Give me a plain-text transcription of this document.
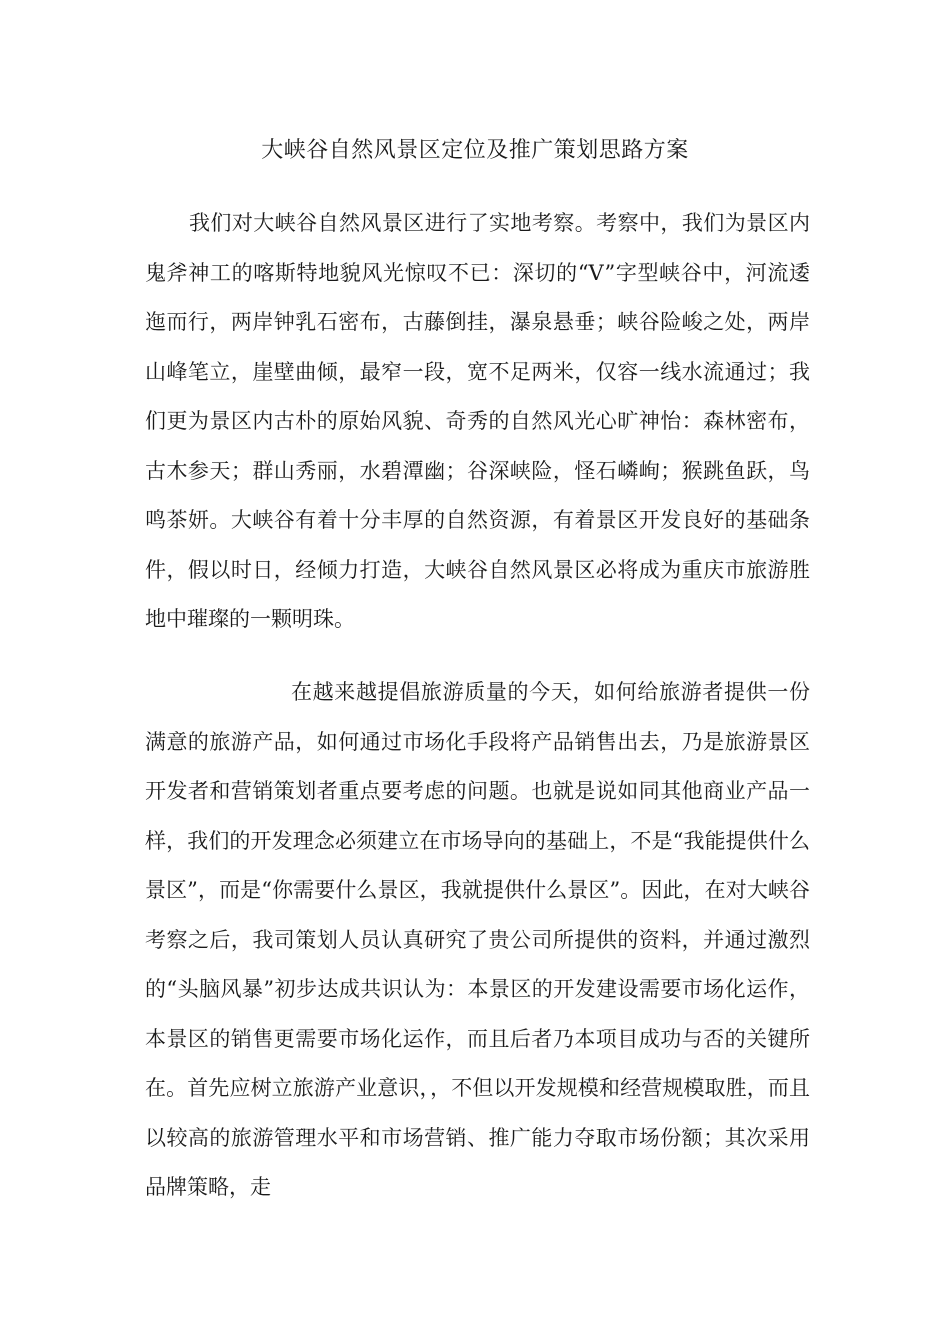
大峡谷自然风景区定位及推广策划思路方案

我们对大峡谷自然风景区进行了实地考察。考察中，我们为景区内鬼斧神工的喀斯特地貌风光惊叹不已：深切的“V”字型峡谷中，河流逶迤而行，两岸钟乳石密布，古藤倒挂，瀑泉悬垂；峡谷险峻之处，两岸山峰笔立，崖壁曲倾，最窄一段，宽不足两米，仅容一线水流通过；我们更为景区内古朴的原始风貌、奇秀的自然风光心旷神怡：森林密布，古木参天；群山秀丽，水碧潭幽；谷深峡险，怪石嶙峋；猴跳鱼跃，鸟鸣茶妍。大峡谷有着十分丰厚的自然资源，有着景区开发良好的基础条件，假以时日，经倾力打造，大峡谷自然风景区必将成为重庆市旅游胜地中璀璨的一颗明珠。

在越来越提倡旅游质量的今天，如何给旅游者提供一份满意的旅游产品，如何通过市场化手段将产品销售出去，乃是旅游景区开发者和营销策划者重点要考虑的问题。也就是说如同其他商业产品一样，我们的开发理念必须建立在市场导向的基础上，不是“我能提供什么景区”，而是“你需要什么景区，我就提供什么景区”。因此，在对大峡谷考察之后，我司策划人员认真研究了贵公司所提供的资料，并通过激烈的“头脑风暴”初步达成共识认为：本景区的开发建设需要市场化运作，本景区的销售更需要市场化运作，而且后者乃本项目成功与否的关键所在。首先应树立旅游产业意识，，不但以开发规模和经营规模取胜，而且以较高的旅游管理水平和市场营销、推广能力夺取市场份额；其次采用品牌策略，走
